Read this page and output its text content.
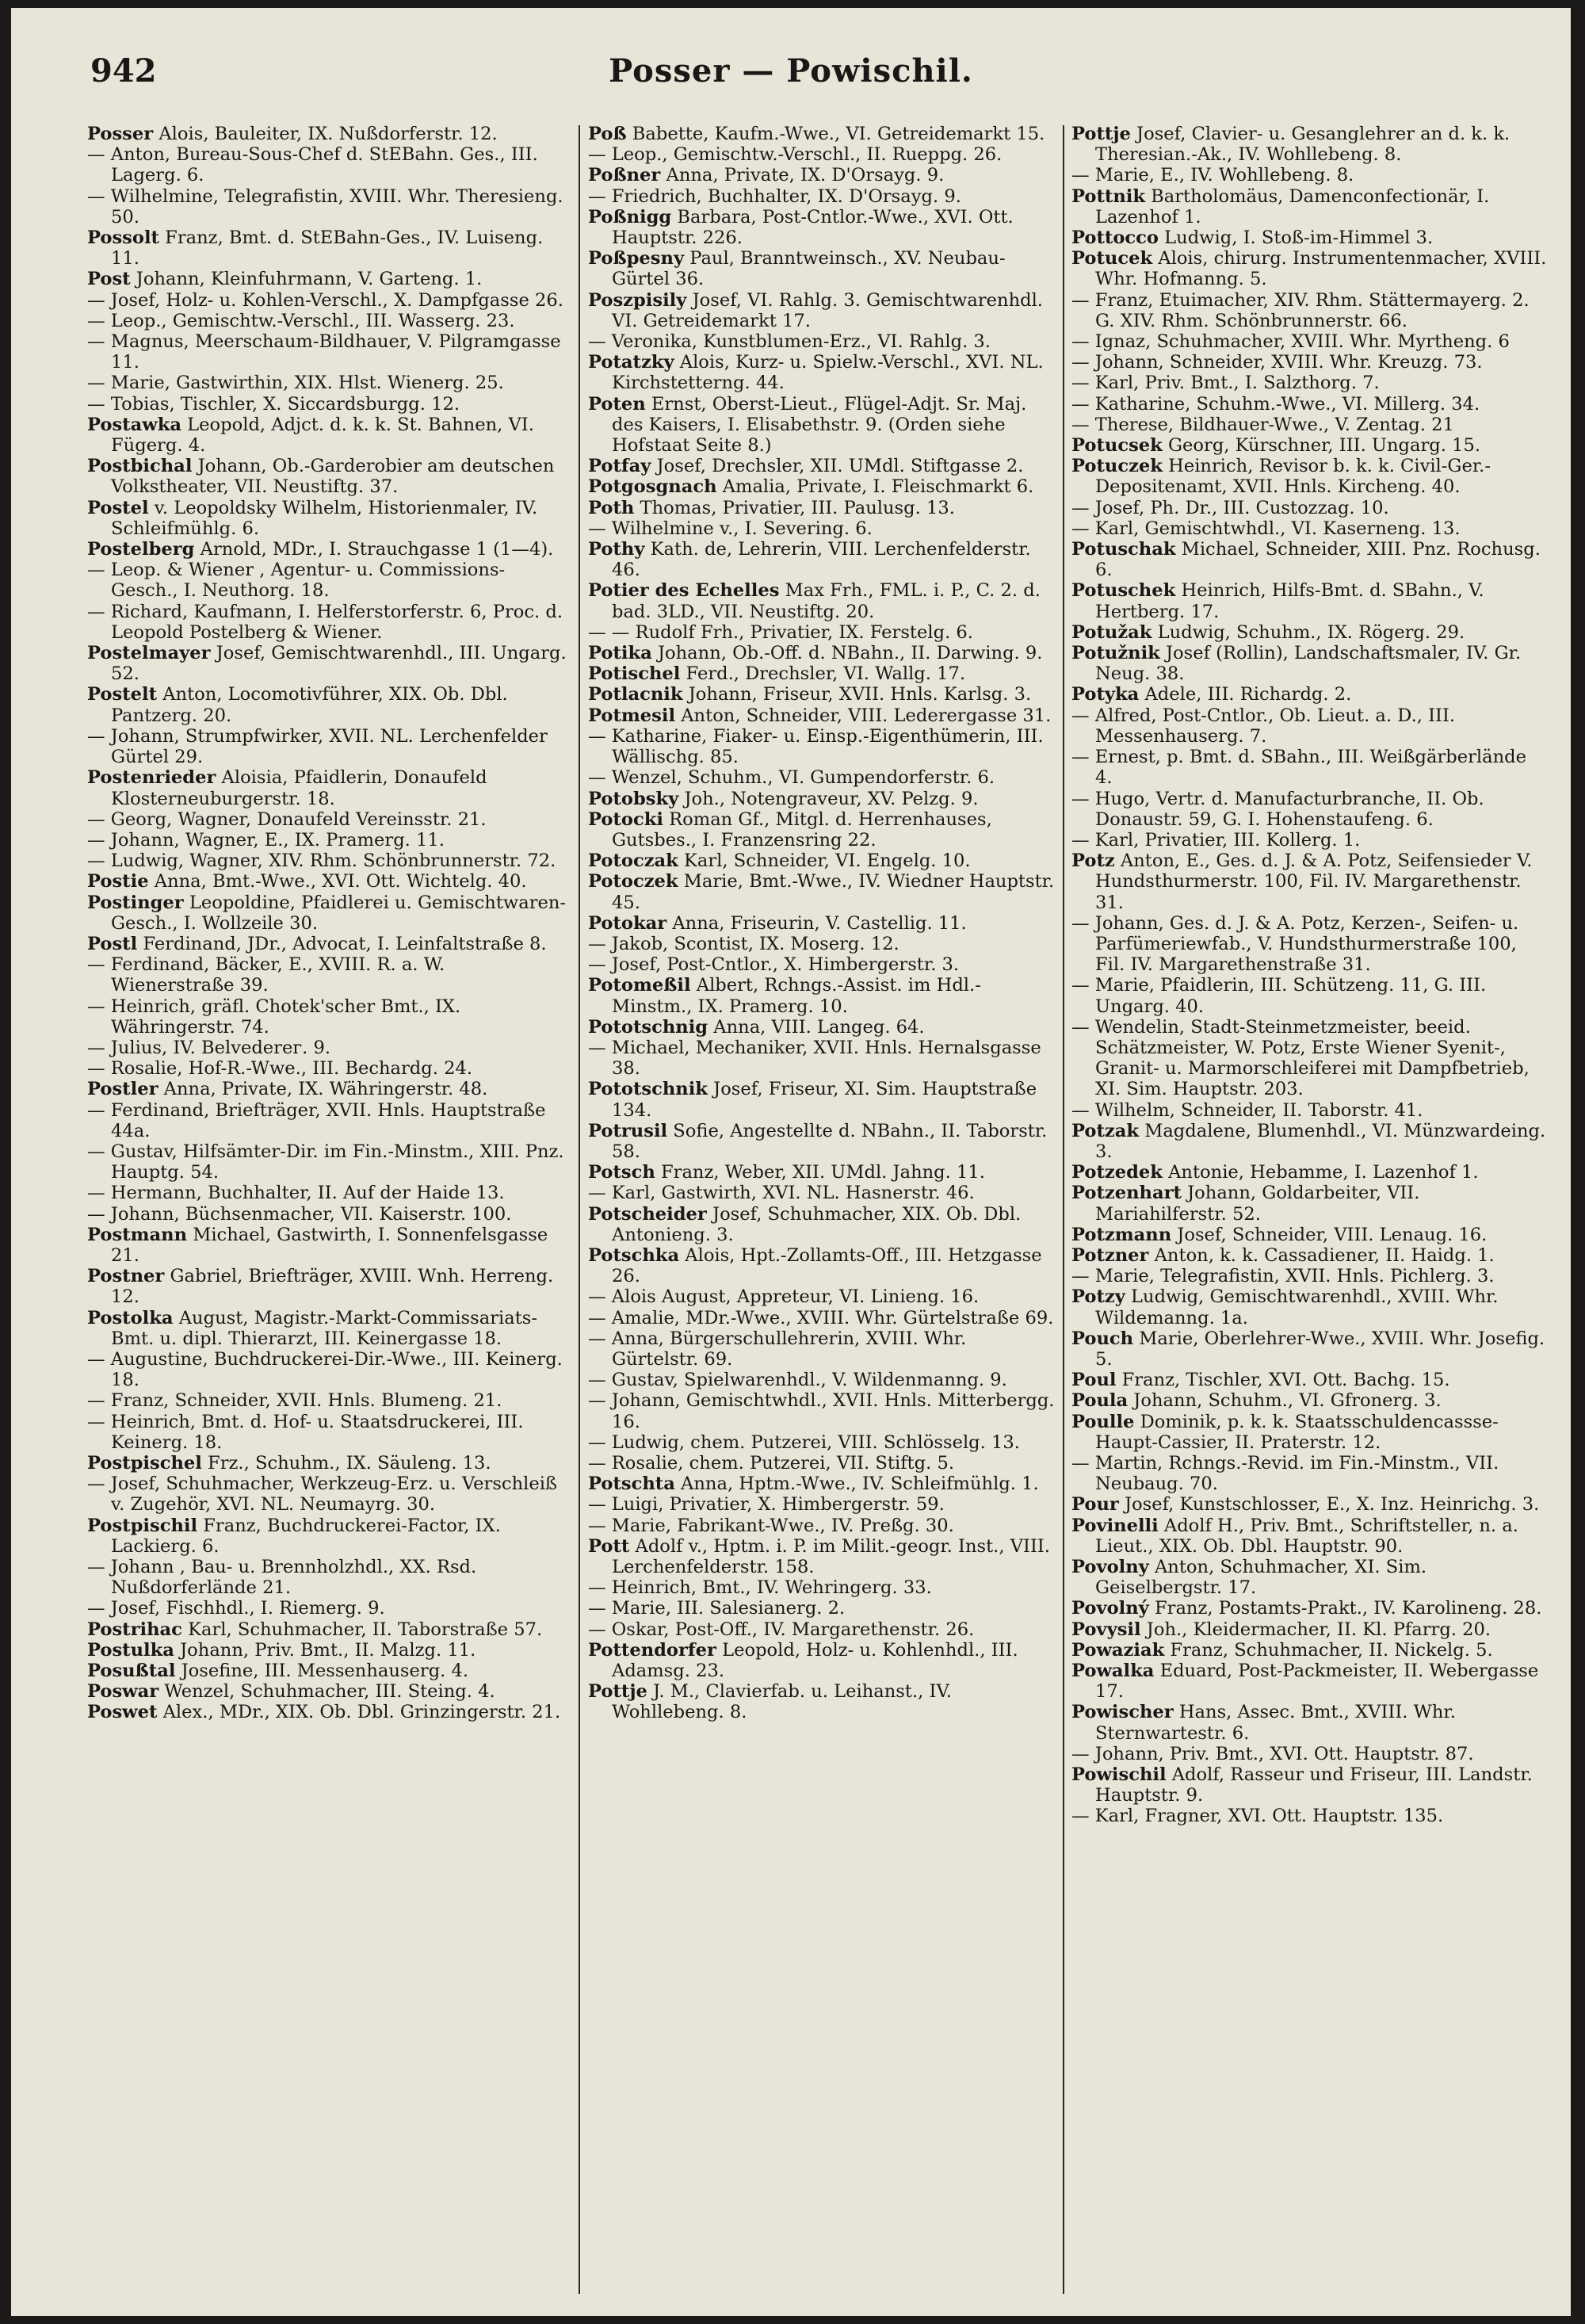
942	Posser — Powischil.

Posser Alois, Bauleiter, IX. Nußdorferstr. 12.

— Anton, Bureau-Sous-Chef d. StEBahn. Ges., III. Lagerg. 6.

— Wilhelmine, Telegrafistin, XVIII. Whr. Theresieng. 50.

Possolt Franz, Bmt. d. StEBahn-Ges., IV. Luiseng. 11.

Post Johann, Kleinfuhrmann, V. Garteng. 1.

— Josef, Holz- u. Kohlen-Verschl., X. Dampfgasse 26.

— Leop., Gemischtw.-Verschl., III. Wasserg. 23.

— Magnus, Meerschaum-Bildhauer, V. Pilgramgasse 11.

— Marie, Gastwirthin, XIX. Hlst. Wienerg. 25.

— Tobias, Tischler, X. Siccardsburgg. 12.

Postawka Leopold, Adjct. d. k. k. St. Bahnen, VI. Fügerg. 4.

Postbichal Johann, Ob.-Garderobier am deutschen Volkstheater, VII. Neustiftg. 37.

Postel v. Leopoldsky Wilhelm, Historienmaler, IV. Schleifmühlg. 6.

Postelberg Arnold, MDr., I. Strauchgasse 1 (1—4).

— Leop. & Wiener , Agentur- u. Commissions-Gesch., I. Neuthorg. 18.

— Richard, Kaufmann, I. Helferstorferstr. 6, Proc. d. Leopold Postelberg & Wiener.

Postelmayer Josef, Gemischtwarenhdl., III. Ungarg. 52.

Postelt Anton, Locomotivführer, XIX. Ob. Dbl. Pantzerg. 20.

— Johann, Strumpfwirker, XVII. NL. Lerchenfelder Gürtel 29.

Postenrieder Aloisia, Pfaidlerin, Donaufeld Klosterneuburgerstr. 18.

— Georg, Wagner, Donaufeld Vereinsstr. 21.

— Johann, Wagner, E., IX. Pramerg. 11.

— Ludwig, Wagner, XIV. Rhm. Schönbrunnerstr. 72.

Postie Anna, Bmt.-Wwe., XVI. Ott. Wichtelg. 40.

Postinger Leopoldine, Pfaidlerei u. Gemischtwaren-Gesch., I. Wollzeile 30.

Postl Ferdinand, JDr., Advocat, I. Leinfaltstraße 8.

— Ferdinand, Bäcker, E., XVIII. R. a. W. Wienerstraße 39.

— Heinrich, gräfl. Chotek'scher Bmt., IX. Währingerstr. 74.

— Julius, IV. Belvederег. 9.

— Rosalie, Hof-R.-Wwe., III. Bechardg. 24.

Postler Anna, Private, IX. Währingerstr. 48.

— Ferdinand, Briefträger, XVII. Hnls. Hauptstraße 44a.

— Gustav, Hilfsämter-Dir. im Fin.-Minstm., XIII. Pnz. Hauptg. 54.

— Hermann, Buchhalter, II. Auf der Haide 13.

— Johann, Büchsenmacher, VII. Kaiserstr. 100.

Postmann Michael, Gastwirth, I. Sonnenfelsgasse 21.

Postner Gabriel, Briefträger, XVIII. Wnh. Herreng. 12.

Postolka August, Magistr.-Markt-Commissariats-Bmt. u. dipl. Thierarzt, III. Keinergasse 18.

— Augustine, Buchdruckerei-Dir.-Wwe., III. Keinerg. 18.

— Franz, Schneider, XVII. Hnls. Blumeng. 21.

— Heinrich, Bmt. d. Hof- u. Staatsdruckerei, III. Keinerg. 18.

Postpischel Frz., Schuhm., IX. Säuleng. 13.

— Josef, Schuhmacher, Werkzeug-Erz. u. Verschleiß v. Zugehör, XVI. NL. Neumayrg. 30.

Postpischil Franz, Buchdruckerei-Factor, IX. Lackierg. 6.

— Johann , Bau- u. Brennholzhdl., XX. Rsd. Nußdorferlände 21.

— Josef, Fischhdl., I. Riemerg. 9.

Postrihac Karl, Schuhmacher, II. Taborstraße 57.

Postulka Johann, Priv. Bmt., II. Malzg. 11.

Posußtal Josefine, III. Messenhauserg. 4.

Poswar Wenzel, Schuhmacher, III. Steing. 4.

Poswet Alex., MDr., XIX. Ob. Dbl. Grinzingerstr. 21.

Poß Babette, Kaufm.-Wwe., VI. Getreidemarkt 15.

— Leop., Gemischtw.-Verschl., II. Rueppg. 26.

Poßner Anna, Private, IX. D'Orsayg. 9.

— Friedrich, Buchhalter, IX. D'Orsayg. 9.

Poßnigg Barbara, Post-Cntlor.-Wwe., XVI. Ott. Hauptstr. 226.

Poßpesny Paul, Branntweinsch., XV. Neubau-Gürtel 36.

Poszpisily Josef, VI. Rahlg. 3. Gemischtwarenhdl. VI. Getreidemarkt 17.

— Veronika, Kunstblumen-Erz., VI. Rahlg. 3.

Potatzky Alois, Kurz- u. Spielw.-Verschl., XVI. NL. Kirchstetterng. 44.

Poten Ernst, Oberst-Lieut., Flügel-Adjt. Sr. Maj. des Kaisers, I. Elisabethstr. 9. (Orden siehe Hofstaat Seite 8.)

Potfay Josef, Drechsler, XII. UMdl. Stiftgasse 2.

Potgosgnach Amalia, Private, I. Fleischmarkt 6.

Poth Thomas, Privatier, III. Paulusg. 13.

— Wilhelmine v., I. Severing. 6.

Pothy Kath. de, Lehrerin, VIII. Lerchenfelderstr. 46.

Potier des Echelles Max Frh., FML. i. P., C. 2. d. bad. 3LD., VII. Neustiftg. 20.

— — Rudolf Frh., Privatier, IX. Ferstelg. 6.

Potika Johann, Ob.-Off. d. NBahn., II. Darwing. 9.

Potischel Ferd., Drechsler, VI. Wallg. 17.

Potlacnik Johann, Friseur, XVII. Hnls. Karlsg. 3.

Potmesil Anton, Schneider, VIII. Lederergasse 31.

— Katharine, Fiaker- u. Einsp.-Eigenthümerin, III. Wällischg. 85.

— Wenzel, Schuhm., VI. Gumpendorferstr. 6.

Potobsky Joh., Notengraveur, XV. Pelzg. 9.

Potocki Roman Gf., Mitgl. d. Herrenhauses, Gutsbes., I. Franzensring 22.

Potoczak Karl, Schneider, VI. Engelg. 10.

Potoczek Marie, Bmt.-Wwe., IV. Wiedner Hauptstr. 45.

Potokar Anna, Friseurin, V. Castellig. 11.

— Jakob, Scontist, IX. Moserg. 12.

— Josef, Post-Cntlor., X. Himbergerstr. 3.

Potomeßil Albert, Rchngs.-Assist. im Hdl.-Minstm., IX. Pramerg. 10.

Pototschnig Anna, VIII. Langeg. 64.

— Michael, Mechaniker, XVII. Hnls. Hernalsgasse 38.

Pototschnik Josef, Friseur, XI. Sim. Hauptstraße 134.

Potrusil Sofie, Angestellte d. NBahn., II. Taborstr. 58.

Potsch Franz, Weber, XII. UMdl. Jahng. 11.

— Karl, Gastwirth, XVI. NL. Hasnerstr. 46.

Potscheider Josef, Schuhmacher, XIX. Ob. Dbl. Antonieng. 3.

Potschka Alois, Hpt.-Zollamts-Off., III. Hetzgasse 26.

— Alois August, Appreteur, VI. Linieng. 16.

— Amalie, MDr.-Wwe., XVIII. Whr. Gürtelstraße 69.

— Anna, Bürgerschullehrerin, XVIII. Whr. Gürtelstr. 69.

— Gustav, Spielwarenhdl., V. Wildenmanng. 9.

— Johann, Gemischtwhdl., XVII. Hnls. Mitterbergg. 16.

— Ludwig, chem. Putzerei, VIII. Schlösselg. 13.

— Rosalie, chem. Putzerei, VII. Stiftg. 5.

Potschta Anna, Hptm.-Wwe., IV. Schleifmühlg. 1.

— Luigi, Privatier, X. Himbergerstr. 59.

— Marie, Fabrikant-Wwe., IV. Preßg. 30.

Pott Adolf v., Hptm. i. P. im Milit.-geogr. Inst., VIII. Lerchenfelderstr. 158.

— Heinrich, Bmt., IV. Wehringerg. 33.

— Marie, III. Salesianerg. 2.

— Oskar, Post-Off., IV. Margarethenstr. 26.

Pottendorfer Leopold, Holz- u. Kohlenhdl., III. Adamsg. 23.

Pottje J. M., Clavierfab. u. Leihanst., IV. Wohllebeng. 8.

Pottje Josef, Clavier- u. Gesanglehrer an d. k. k. Theresian.-Ak., IV. Wohllebeng. 8.

— Marie, E., IV. Wohllebeng. 8.

Pottnik Bartholomäus, Damenconfectionär, I. Lazenhof 1.

Pottocco Ludwig, I. Stoß-im-Himmel 3.

Potucek Alois, chirurg. Instrumentenmacher, XVIII. Whr. Hofmanng. 5.

— Franz, Etuimacher, XIV. Rhm. Stättermayerg. 2. G. XIV. Rhm. Schönbrunnerstr. 66.

— Ignaz, Schuhmacher, XVIII. Whr. Myrtheng. 6

— Johann, Schneider, XVIII. Whr. Kreuzg. 73.

— Karl, Priv. Bmt., I. Salzthorg. 7.

— Katharine, Schuhm.-Wwe., VI. Millerg. 34.

— Therese, Bildhauer-Wwe., V. Zentag. 21

Potucsek Georg, Kürschner, III. Ungarg. 15.

Potuczek Heinrich, Revisor b. k. k. Civil-Ger.-Depositenamt, XVII. Hnls. Kircheng. 40.

— Josef, Ph. Dr., III. Custozzag. 10.

— Karl, Gemischtwhdl., VI. Kaserneng. 13.

Potuschak Michael, Schneider, XIII. Pnz. Rochusg. 6.

Potuschek Heinrich, Hilfs-Bmt. d. SBahn., V. Hertberg. 17.

Potužak Ludwig, Schuhm., IX. Rögerg. 29.

Potužnik Josef (Rollin), Landschaftsmaler, IV. Gr. Neug. 38.

Potyka Adele, III. Richardg. 2.

— Alfred, Post-Cntlor., Ob. Lieut. a. D., III. Messenhauserg. 7.

— Ernest, p. Bmt. d. SBahn., III. Weißgärberlände 4.

— Hugo, Vertr. d. Manufacturbranche, II. Ob. Donaustr. 59, G. I. Hohenstaufeng. 6.

— Karl, Privatier, III. Kollerg. 1.

Potz Anton, E., Ges. d. J. & A. Potz, Seifensieder V. Hundsthurmerstr. 100, Fil. IV. Margarethenstr. 31.

— Johann, Ges. d. J. & A. Potz, Kerzen-, Seifen- u. Parfümeriewfab., V. Hundsthurmerstraße 100, Fil. IV. Margarethenstraße 31.

— Marie, Pfaidlerin, III. Schützeng. 11, G. III. Ungarg. 40.

— Wendelin, Stadt-Steinmetzmeister, beeid. Schätzmeister, W. Potz, Erste Wiener Syenit-, Granit- u. Marmorschleiferei mit Dampfbetrieb, XI. Sim. Hauptstr. 203.

— Wilhelm, Schneider, II. Taborstr. 41.

Potzak Magdalene, Blumenhdl., VI. Münzwardeing. 3.

Potzedek Antonie, Hebamme, I. Lazenhof 1.

Potzenhart Johann, Goldarbeiter, VII. Mariahilferstr. 52.

Potzmann Josef, Schneider, VIII. Lenaug. 16.

Potzner Anton, k. k. Cassadiener, II. Haidg. 1.

— Marie, Telegrafistin, XVII. Hnls. Pichlerg. 3.

Potzy Ludwig, Gemischtwarenhdl., XVIII. Whr. Wildemanng. 1a.

Pouch Marie, Oberlehrer-Wwe., XVIII. Whr. Josefig. 5.

Poul Franz, Tischler, XVI. Ott. Bachg. 15.

Poula Johann, Schuhm., VI. Gfronerg. 3.

Poulle Dominik, p. k. k. Staatsschuldencassse-Haupt-Cassier, II. Praterstr. 12.

— Martin, Rchngs.-Revid. im Fin.-Minstm., VII. Neubaug. 70.

Pour Josef, Kunstschlosser, E., X. Inz. Heinrichg. 3.

Povinelli Adolf H., Priv. Bmt., Schriftsteller, n. a. Lieut., XIX. Ob. Dbl. Hauptstr. 90.

Povolny Anton, Schuhmacher, XI. Sim. Geiselbergstr. 17.

Povolný Franz, Postamts-Prakt., IV. Karolineng. 28.

Povysil Joh., Kleidermacher, II. Kl. Pfarrg. 20.

Powaziak Franz, Schuhmacher, II. Nickelg. 5.

Powalka Eduard, Post-Packmeister, II. Webergasse 17.

Powischer Hans, Assec. Bmt., XVIII. Whr. Sternwartestr. 6.

— Johann, Priv. Bmt., XVI. Ott. Hauptstr. 87.

Powischil Adolf, Rasseur und Friseur, III. Landstr. Hauptstr. 9.

— Karl, Fragner, XVI. Ott. Hauptstr. 135.
